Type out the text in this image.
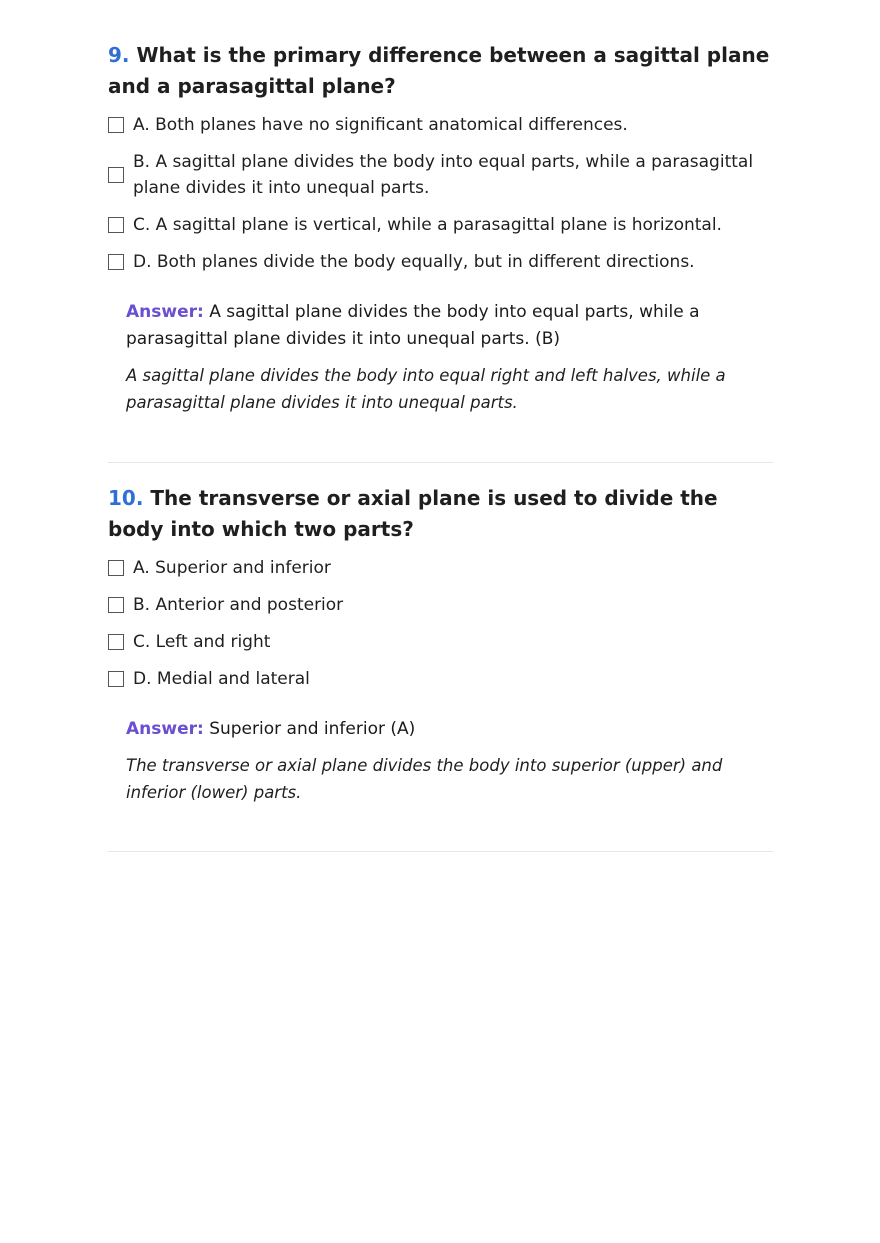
9. What is the primary difference between a sagittal plane and a parasagittal plane?

A. Both planes have no significant anatomical differences.
B. A sagittal plane divides the body into equal parts, while a parasagittal plane divides it into unequal parts.
C. A sagittal plane is vertical, while a parasagittal plane is horizontal.
D. Both planes divide the body equally, but in different directions.
Answer: A sagittal plane divides the body into equal parts, while a parasagittal plane divides it into unequal parts. (B)
A sagittal plane divides the body into equal right and left halves, while a parasagittal plane divides it into unequal parts.

10. The transverse or axial plane is used to divide the body into which two parts?

A. Superior and inferior
B. Anterior and posterior
C. Left and right
D. Medial and lateral
Answer: Superior and inferior (A)
The transverse or axial plane divides the body into superior (upper) and inferior (lower) parts.
